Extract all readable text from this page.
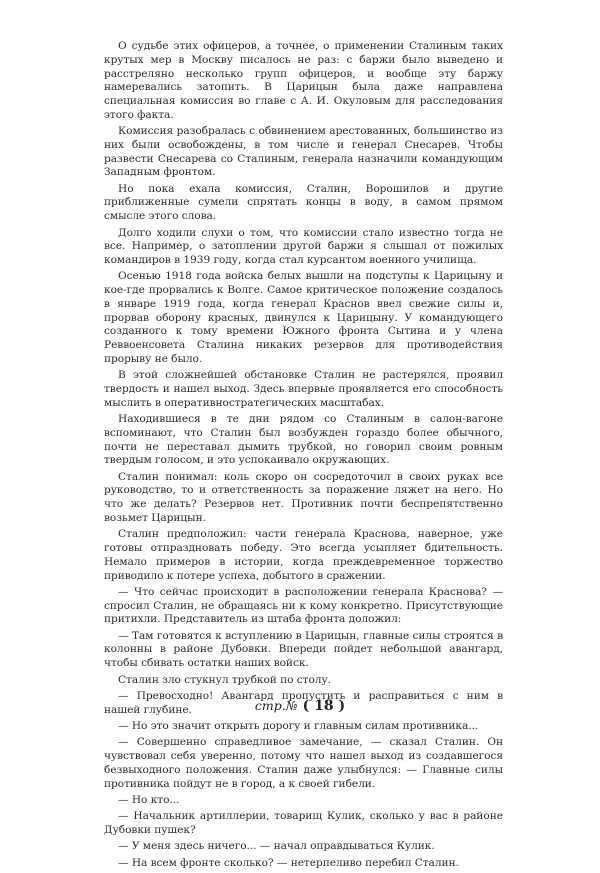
О судьбе этих офицеров, а точнее, о применении Сталиным таких крутых мер в Москву писалось не раз: с баржи было выведено и расстреляно несколько групп офицеров, и вообще эту баржу намеревались затопить. В Царицын была даже направлена специальная комиссия во главе с А. И. Окуловым для расследования этого факта.

Комиссия разобралась с обвинением арестованных, большинство из них были освобождены, в том числе и генерал Снесарев. Чтобы развести Снесарева со Сталиным, генерала назначили командующим Западным фронтом.

Но пока ехала комиссия, Сталин, Ворошилов и другие приближенные сумели спрятать концы в воду, в самом прямом смысле этого слова.

Долго ходили слухи о том, что комиссии стало известно тогда не все. Например, о затоплении другой баржи я слышал от пожилых командиров в 1939 году, когда стал курсантом военного училища.

Осенью 1918 года войска белых вышли на подступы к Царицыну и кое-где прорвались к Волге. Самое критическое положение создалось в январе 1919 года, когда генерал Краснов ввел свежие силы и, прорвав оборону красных, двинулся к Царицыну. У командующего созданного к тому времени Южного фронта Сытина и у члена Реввоенсовета Сталина никаких резервов для противодействия прорыву не было.

В этой сложнейшей обстановке Сталин не растерялся, проявил твердость и нашел выход. Здесь впервые проявляется его способность мыслить в оперативностратегических масштабах.

Находившиеся в те дни рядом со Сталиным в салон-вагоне вспоминают, что Сталин был возбужден гораздо более обычного, почти не переставал дымить трубкой, но говорил своим ровным твердым голосом, и это успокаивало окружающих.

Сталин понимал: коль скоро он сосредоточил в своих руках все руководство, то и ответственность за поражение ляжет на него. Но что же делать? Резервов нет. Противник почти беспрепятственно возьмет Царицын.

Сталин предположил: части генерала Краснова, наверное, уже готовы отпраздновать победу. Это всегда усыпляет бдительность. Немало примеров в истории, когда преждевременное торжество приводило к потере успеха, добытого в сражении.

— Что сейчас происходит в расположении генерала Краснова? — спросил Сталин, не обращаясь ни к кому конкретно. Присутствующие притихли. Представитель из штаба фронта доложил:

— Там готовятся к вступлению в Царицын, главные силы строятся в колонны в районе Дубовки. Впереди пойдет небольшой авангард, чтобы сбивать остатки наших войск.

Сталин зло стукнул трубкой по столу.

— Превосходно! Авангард пропустить и расправиться с ним в нашей глубине.

— Но это значит открыть дорогу и главным силам противника...

— Совершенно справедливое замечание, — сказал Сталин. Он чувствовал себя уверенно, потому что нашел выход из создавшегося безвыходного положения. Сталин даже улыбнулся: — Главные силы противника пойдут не в город, а к своей гибели.

— Но кто...

— Начальник артиллерии, товарищ Кулик, сколько у вас в районе Дубовки пушек?

— У меня здесь ничего... — начал оправдываться Кулик.

— На всем фронте сколько? — нетерпеливо перебил Сталин.

стр.№ ( 18 )
